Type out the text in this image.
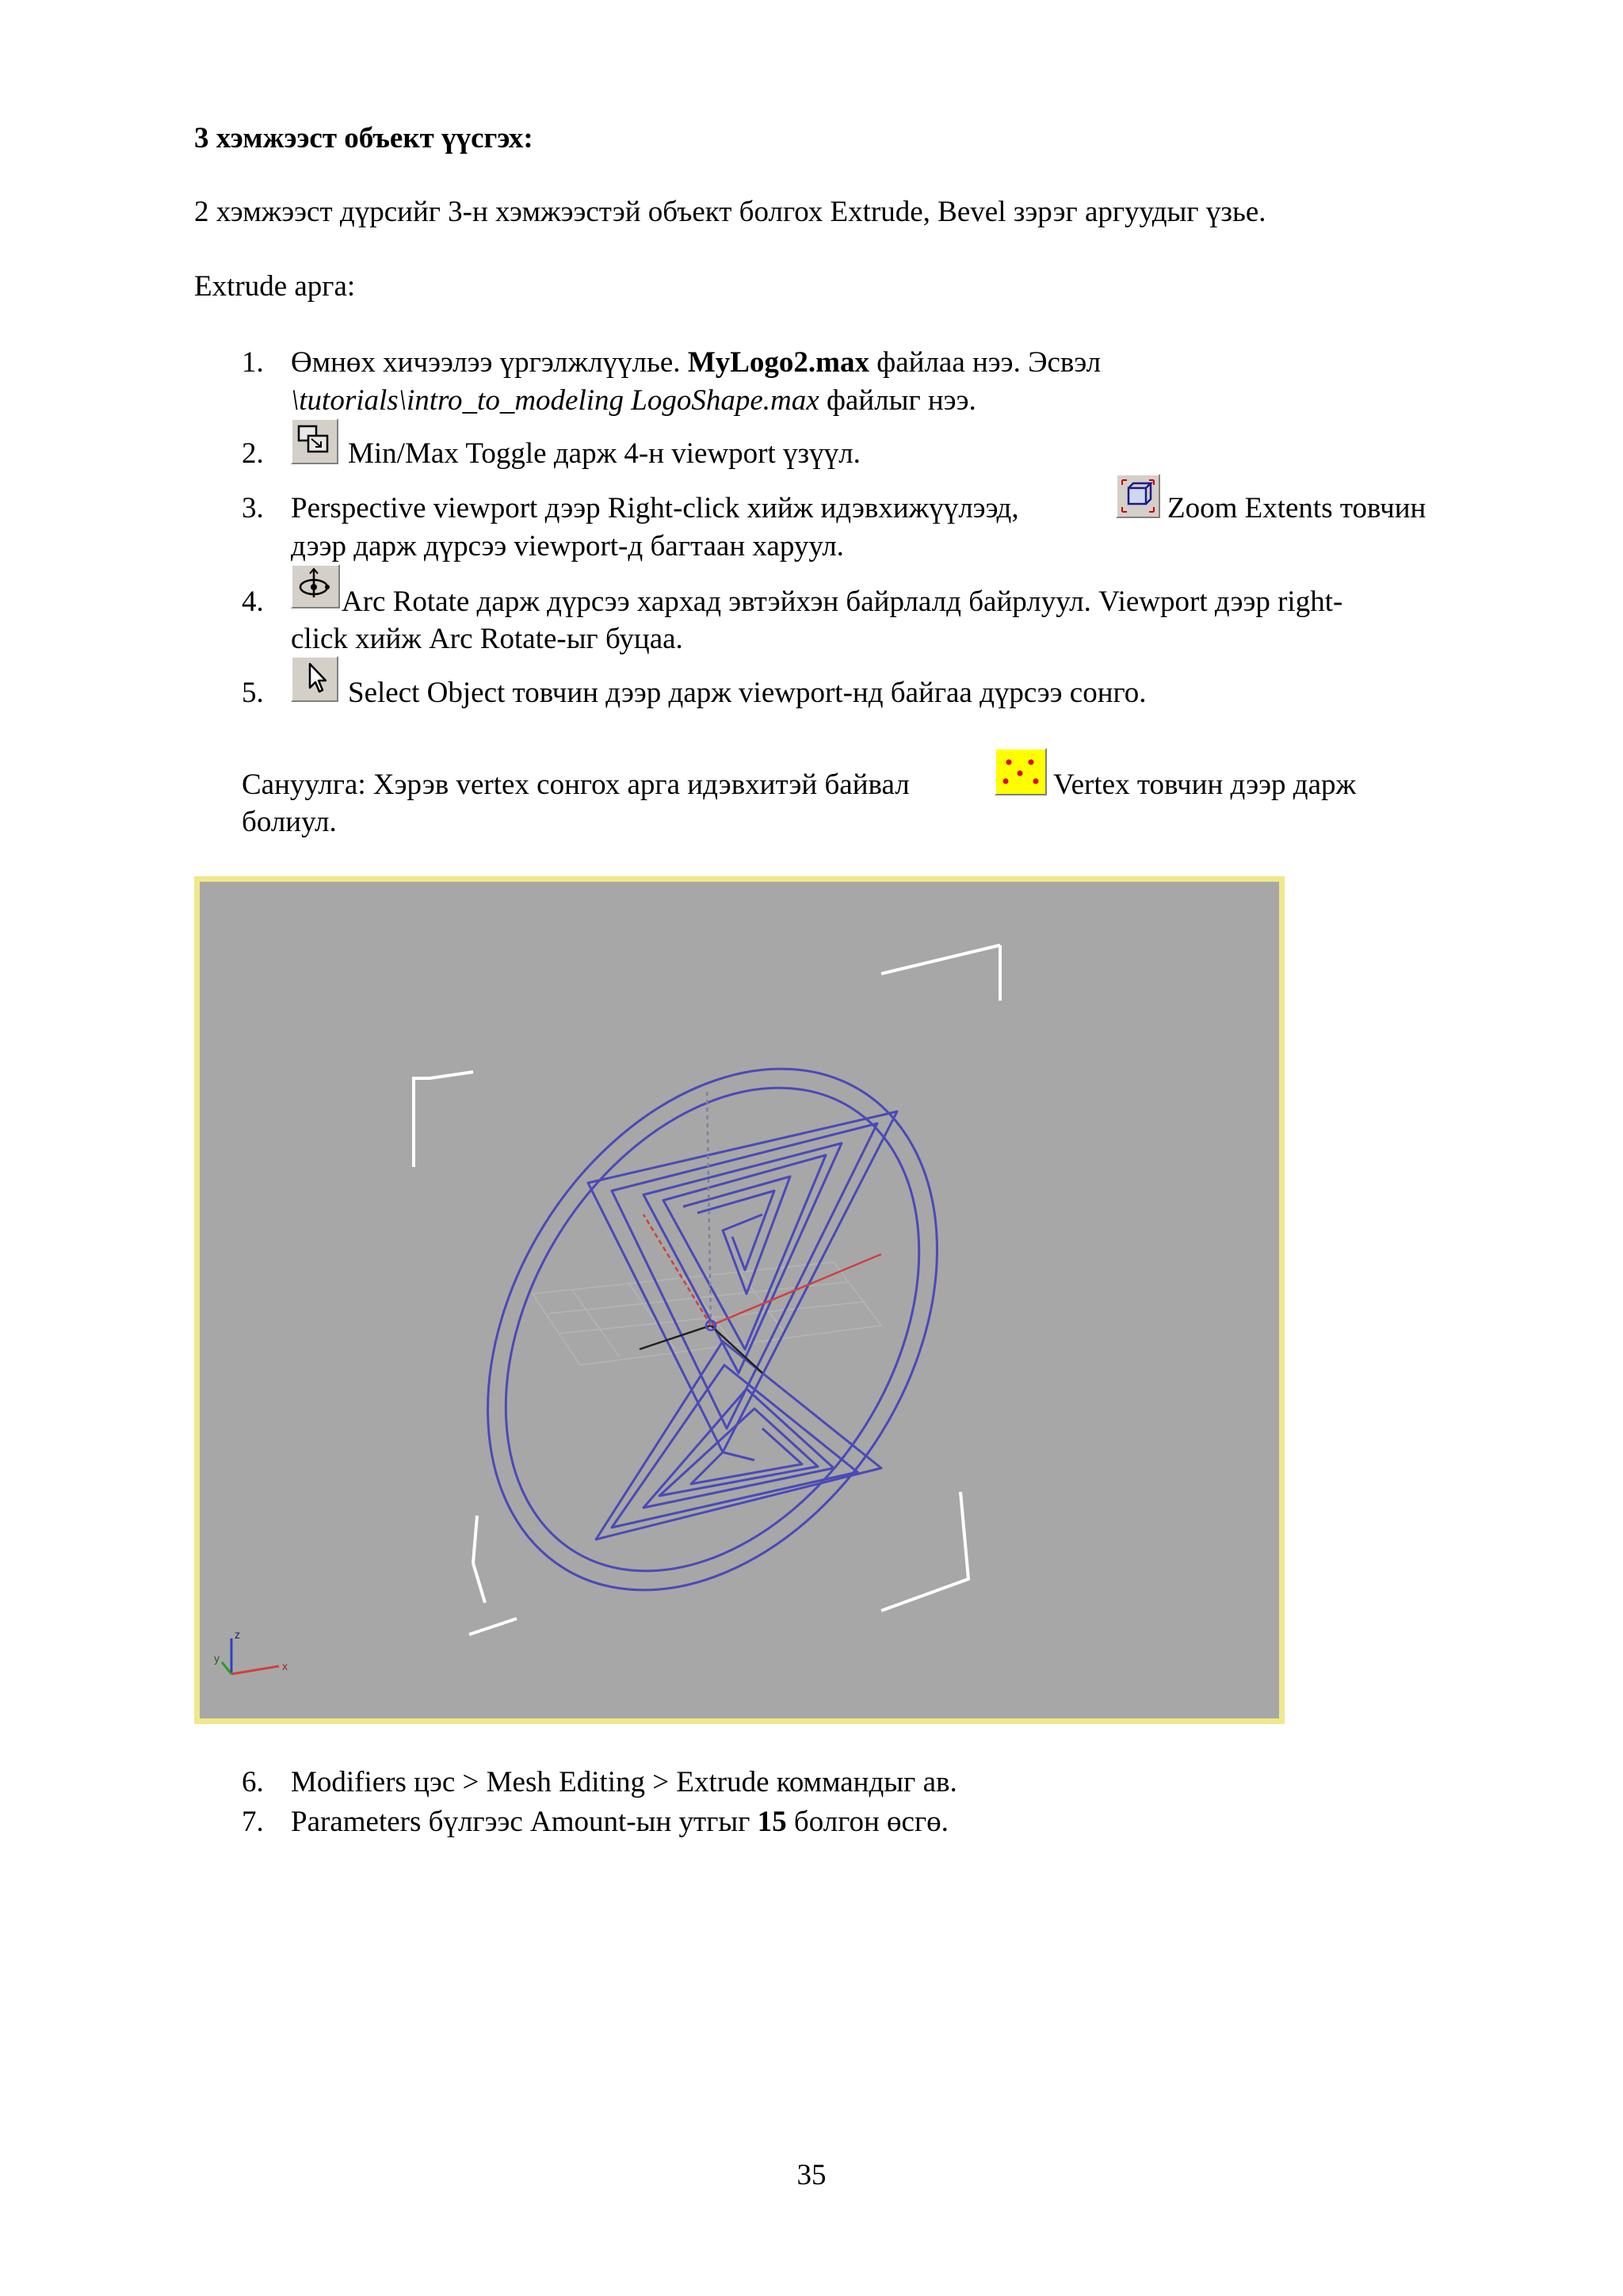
3 хэмжээст объект үүсгэх:
2 хэмжээст дүрсийг 3-н хэмжээстэй объект болгох Extrude, Bevel зэрэг аргуудыг үзье.
Extrude арга:
1. Өмнөх хичээлээ үргэлжлүүлье. MyLogo2.max файлаа нээ. Эсвэл
\tutorials\intro_to_modeling LogoShape.max файлыг нээ.
2.	Min/Max Toggle дарж 4-н viewport үзүүл.
3. Perspective viewport дээр Right-click хийж идэвхижүүлээд,	Zoom Extents товчин
дээр дарж дүрсээ viewport-д багтаан харуул.
4.	Arc Rotate дарж дүрсээ хархад эвтэйхэн байрлалд байрлуул. Viewport дээр right-
click хийж Arc Rotate-ыг буцаа.
5.	Select Object товчин дээр дарж viewport-нд байгаа дүрсээ сонго.
Сануулга: Хэрэв vertex сонгох арга идэвхитэй байвал	Vertex товчин дээр дарж
болиул.
z
x
y
6. Modifiers цэс > Mesh Editing > Extrude коммандыг ав.
7. Parameters бүлгээс Amount-ын утгыг 15 болгон өсгө.
35
